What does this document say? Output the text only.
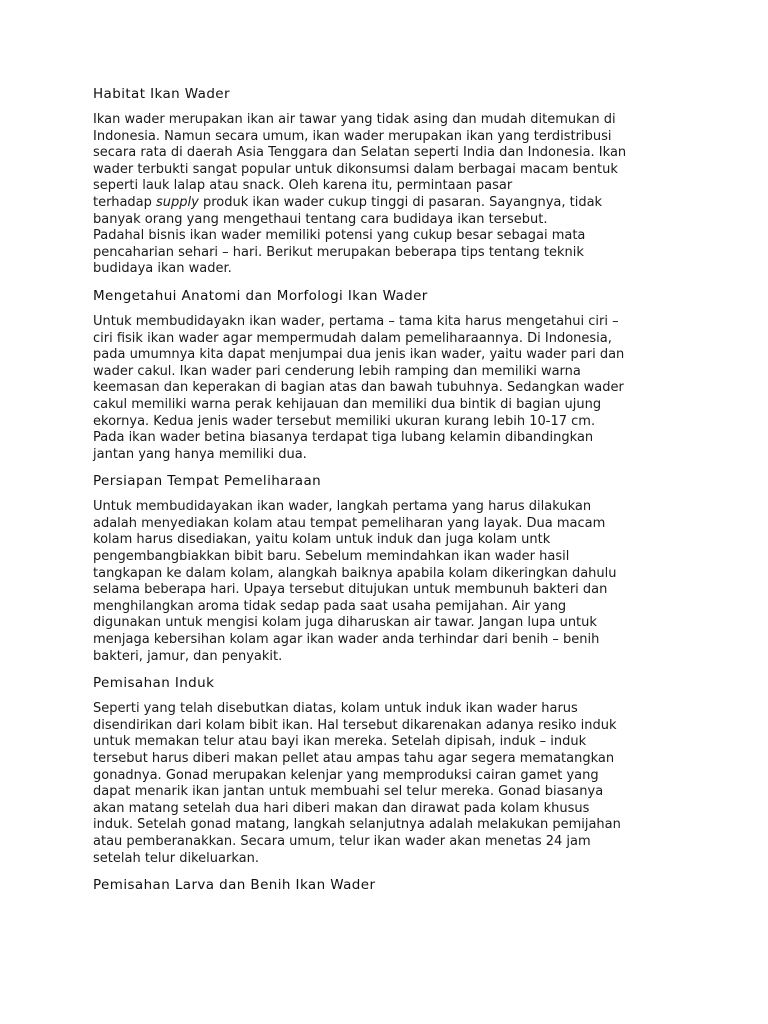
Habitat Ikan Wader

Ikan wader merupakan ikan air tawar yang tidak asing dan mudah ditemukan di
Indonesia. Namun secara umum, ikan wader merupakan ikan yang terdistribusi
secara rata di daerah Asia Tenggara dan Selatan seperti India dan Indonesia. Ikan
wader terbukti sangat popular untuk dikonsumsi dalam berbagai macam bentuk
seperti lauk lalap atau snack. Oleh karena itu, permintaan pasar
terhadap supply produk ikan wader cukup tinggi di pasaran. Sayangnya, tidak
banyak orang yang mengethaui tentang cara budidaya ikan tersebut.
Padahal bisnis ikan wader memiliki potensi yang cukup besar sebagai mata
pencaharian sehari – hari. Berikut merupakan beberapa tips tentang teknik
budidaya ikan wader.

Mengetahui Anatomi dan Morfologi Ikan Wader

Untuk membudidayakn ikan wader, pertama – tama kita harus mengetahui ciri –
ciri fisik ikan wader agar mempermudah dalam pemeliharaannya. Di Indonesia,
pada umumnya kita dapat menjumpai dua jenis ikan wader, yaitu wader pari dan
wader cakul. Ikan wader pari cenderung lebih ramping dan memiliki warna
keemasan dan keperakan di bagian atas dan bawah tubuhnya. Sedangkan wader
cakul memiliki warna perak kehijauan dan memiliki dua bintik di bagian ujung
ekornya. Kedua jenis wader tersebut memiliki ukuran kurang lebih 10-17 cm.
Pada ikan wader betina biasanya terdapat tiga lubang kelamin dibandingkan
jantan yang hanya memiliki dua.

Persiapan Tempat Pemeliharaan

Untuk membudidayakan ikan wader, langkah pertama yang harus dilakukan
adalah menyediakan kolam atau tempat pemeliharan yang layak. Dua macam
kolam harus disediakan, yaitu kolam untuk induk dan juga kolam untk
pengembangbiakkan bibit baru. Sebelum memindahkan ikan wader hasil
tangkapan ke dalam kolam, alangkah baiknya apabila kolam dikeringkan dahulu
selama beberapa hari. Upaya tersebut ditujukan untuk membunuh bakteri dan
menghilangkan aroma tidak sedap pada saat usaha pemijahan. Air yang
digunakan untuk mengisi kolam juga diharuskan air tawar. Jangan lupa untuk
menjaga kebersihan kolam agar ikan wader anda terhindar dari benih – benih
bakteri, jamur, dan penyakit.

Pemisahan Induk

Seperti yang telah disebutkan diatas, kolam untuk induk ikan wader harus
disendirikan dari kolam bibit ikan. Hal tersebut dikarenakan adanya resiko induk
untuk memakan telur atau bayi ikan mereka. Setelah dipisah, induk – induk
tersebut harus diberi makan pellet atau ampas tahu agar segera mematangkan
gonadnya. Gonad merupakan kelenjar yang memproduksi cairan gamet yang
dapat menarik ikan jantan untuk membuahi sel telur mereka. Gonad biasanya
akan matang setelah dua hari diberi makan dan dirawat pada kolam khusus
induk. Setelah gonad matang, langkah selanjutnya adalah melakukan pemijahan
atau pemberanakkan. Secara umum, telur ikan wader akan menetas 24 jam
setelah telur dikeluarkan.

Pemisahan Larva dan Benih Ikan Wader
